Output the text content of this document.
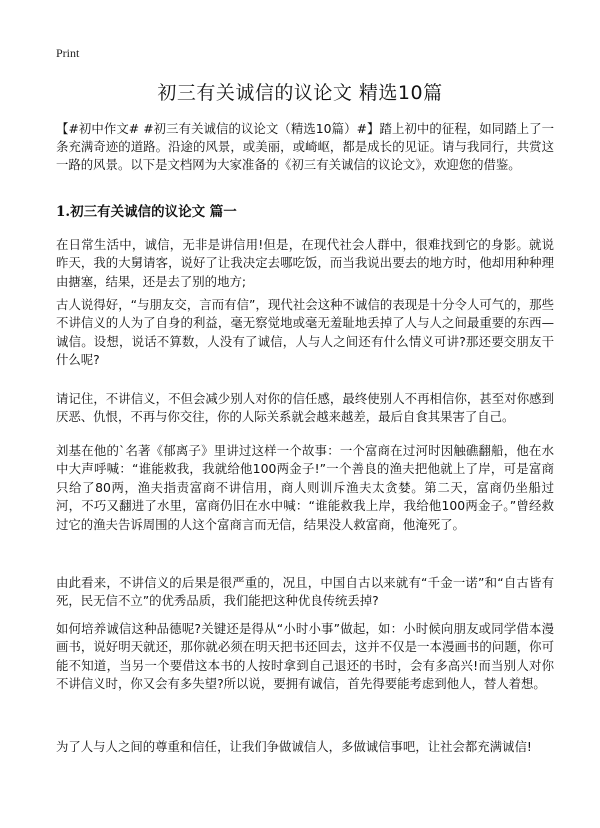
Print
初三有关诚信的议论文 精选10篇

【#初中作文# #初三有关诚信的议论文（精选10篇）#】踏上初中的征程，如同踏上了一条充满奇迹的道路。沿途的风景，或美丽，或崎岖，都是成长的见证。请与我同行，共赏这一路的风景。以下是文档网为大家准备的《初三有关诚信的议论文》，欢迎您的借鉴。

1.初三有关诚信的议论文 篇一

在日常生活中，诚信，无非是讲信用!但是，在现代社会人群中，很难找到它的身影。就说昨天，我的大舅请客，说好了让我决定去哪吃饭，而当我说出要去的地方时，他却用种种理由搪塞，结果，还是去了别的地方;

古人说得好，“与朋友交，言而有信”，现代社会这种不诚信的表现是十分令人可气的，那些不讲信义的人为了自身的利益，毫无察觉地或毫无羞耻地丢掉了人与人之间最重要的东西—诚信。设想，说话不算数，人没有了诚信，人与人之间还有什么情义可讲?那还要交朋友干什么呢?

请记住，不讲信义，不但会减少别人对你的信任感，最终使别人不再相信你，甚至对你感到厌恶、仇恨，不再与你交往，你的人际关系就会越来越差，最后自食其果害了自己。

刘基在他的`名著《郁离子》里讲过这样一个故事：一个富商在过河时因触礁翻船，他在水中大声呼喊：“谁能救我，我就给他100两金子!”一个善良的渔夫把他就上了岸，可是富商只给了80两，渔夫指责富商不讲信用，商人则训斥渔夫太贪婪。第二天，富商仍坐船过河，不巧又翻进了水里，富商仍旧在水中喊：“谁能救我上岸，我给他100两金子。”曾经救过它的渔夫告诉周围的人这个富商言而无信，结果没人救富商，他淹死了。

由此看来，不讲信义的后果是很严重的，况且，中国自古以来就有“千金一诺”和“自古皆有死，民无信不立”的优秀品质，我们能把这种优良传统丢掉?

如何培养诚信这种品德呢?关键还是得从“小时小事”做起，如：小时候向朋友或同学借本漫画书，说好明天就还，那你就必须在明天把书还回去，这并不仅是一本漫画书的问题，你可能不知道，当另一个要借这本书的人按时拿到自己退还的书时，会有多高兴!而当别人对你不讲信义时，你又会有多失望?所以说，要拥有诚信，首先得要能考虑到他人，替人着想。

为了人与人之间的尊重和信任，让我们争做诚信人，多做诚信事吧，让社会都充满诚信!
